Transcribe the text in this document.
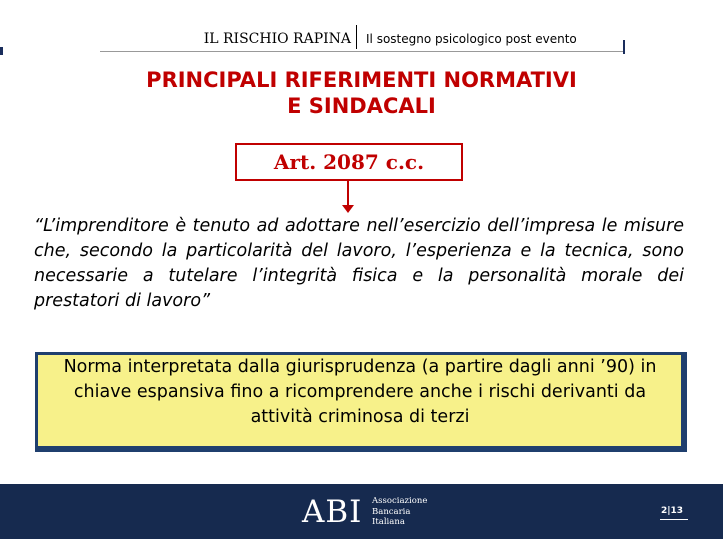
IL RISCHIO RAPINA Il sostegno psicologico post evento
PRINCIPALI RIFERIMENTI NORMATIVI
E SINDACALI
Art. 2087 c.c.
“L’imprenditore è tenuto ad adottare nell’esercizio dell’impresa le misure che, secondo la particolarità del lavoro, l’esperienza e la tecnica, sono necessarie a tutelare l’integrità fisica e la personalità morale dei prestatori di lavoro”
Norma interpretata dalla giurisprudenza (a partire dagli anni ’90) in chiave espansiva fino a ricomprendere anche i rischi derivanti da attività criminosa di terzi
ABI Associazione
Bancaria
Italiana
2|13
